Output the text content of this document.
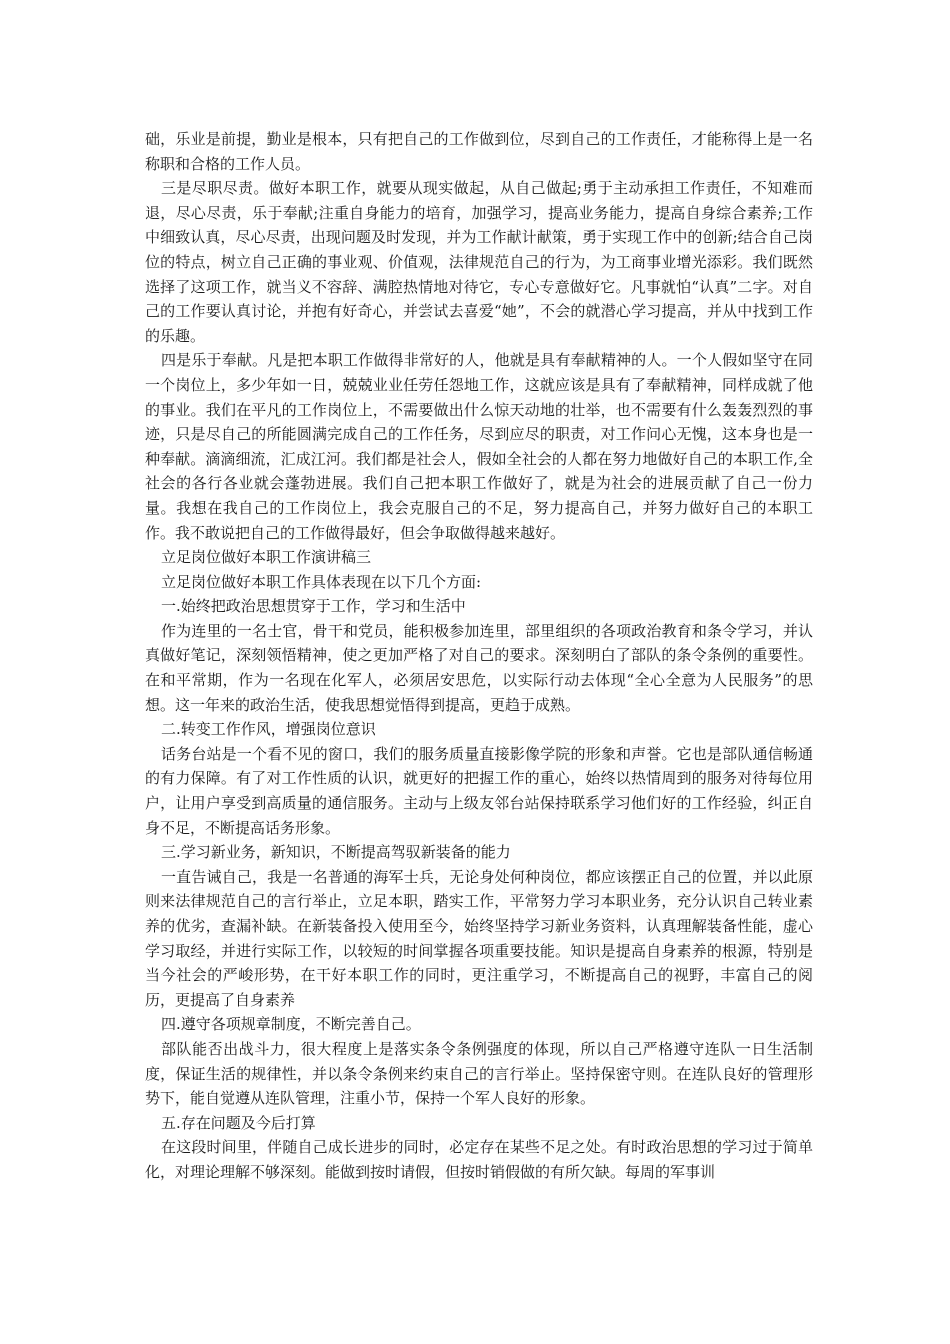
础，乐业是前提，勤业是根本，只有把自己的工作做到位，尽到自己的工作责任，才能称得上是一名称职和合格的工作人员。

三是尽职尽责。做好本职工作，就要从现实做起，从自己做起;勇于主动承担工作责任，不知难而退，尽心尽责，乐于奉献;注重自身能力的培育，加强学习，提高业务能力，提高自身综合素养;工作中细致认真，尽心尽责，出现问题及时发现，并为工作献计献策，勇于实现工作中的创新;结合自己岗位的特点，树立自己正确的事业观、价值观，法律规范自己的行为，为工商事业增光添彩。我们既然选择了这项工作，就当义不容辞、满腔热情地对待它，专心专意做好它。凡事就怕“认真”二字。对自己的工作要认真讨论，并抱有好奇心，并尝试去喜爱“她”，不会的就潜心学习提高，并从中找到工作的乐趣。

四是乐于奉献。凡是把本职工作做得非常好的人，他就是具有奉献精神的人。一个人假如坚守在同一个岗位上，多少年如一日，兢兢业业任劳任怨地工作，这就应该是具有了奉献精神，同样成就了他的事业。我们在平凡的工作岗位上，不需要做出什么惊天动地的壮举，也不需要有什么轰轰烈烈的事迹，只是尽自己的所能圆满完成自己的工作任务，尽到应尽的职责，对工作问心无愧，这本身也是一种奉献。滴滴细流，汇成江河。我们都是社会人，假如全社会的人都在努力地做好自己的本职工作,全社会的各行各业就会蓬勃进展。我们自己把本职工作做好了，就是为社会的进展贡献了自己一份力量。我想在我自己的工作岗位上，我会克服自己的不足，努力提高自己，并努力做好自己的本职工作。我不敢说把自己的工作做得最好，但会争取做得越来越好。

立足岗位做好本职工作演讲稿三

立足岗位做好本职工作具体表现在以下几个方面:

一.始终把政治思想贯穿于工作，学习和生活中

作为连里的一名士官，骨干和党员，能积极参加连里，部里组织的各项政治教育和条令学习，并认真做好笔记，深刻领悟精神，使之更加严格了对自己的要求。深刻明白了部队的条令条例的重要性。在和平常期，作为一名现在化军人，必须居安思危，以实际行动去体现“全心全意为人民服务”的思想。这一年来的政治生活，使我思想觉悟得到提高，更趋于成熟。

二.转变工作作风，增强岗位意识

话务台站是一个看不见的窗口，我们的服务质量直接影像学院的形象和声誉。它也是部队通信畅通的有力保障。有了对工作性质的认识，就更好的把握工作的重心，始终以热情周到的服务对待每位用户，让用户享受到高质量的通信服务。主动与上级友邻台站保持联系学习他们好的工作经验，纠正自身不足，不断提高话务形象。

三.学习新业务，新知识，不断提高驾驭新装备的能力

一直告诫自己，我是一名普通的海军士兵，无论身处何种岗位，都应该摆正自己的位置，并以此原则来法律规范自己的言行举止，立足本职，踏实工作，平常努力学习本职业务，充分认识自己转业素养的优劣，查漏补缺。在新装备投入使用至今，始终坚持学习新业务资料，认真理解装备性能，虚心学习取经，并进行实际工作，以较短的时间掌握各项重要技能。知识是提高自身素养的根源，特别是当今社会的严峻形势，在干好本职工作的同时，更注重学习，不断提高自己的视野，丰富自己的阅历，更提高了自身素养

四.遵守各项规章制度，不断完善自己。

部队能否出战斗力，很大程度上是落实条令条例强度的体现，所以自己严格遵守连队一日生活制度，保证生活的规律性，并以条令条例来约束自己的言行举止。坚持保密守则。在连队良好的管理形势下，能自觉遵从连队管理，注重小节，保持一个军人良好的形象。

五.存在问题及今后打算

在这段时间里，伴随自己成长进步的同时，必定存在某些不足之处。有时政治思想的学习过于简单化，对理论理解不够深刻。能做到按时请假，但按时销假做的有所欠缺。每周的军事训
